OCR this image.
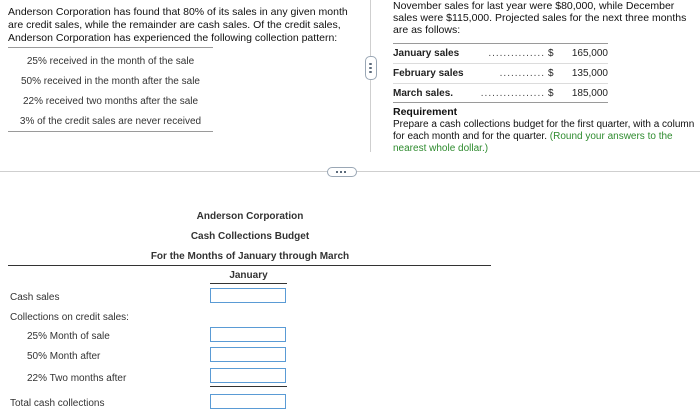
Anderson Corporation has found that 80% of its sales in any given month are credit sales, while the remainder are cash sales. Of the credit sales, Anderson Corporation has experienced the following collection pattern:
25% received in the month of the sale
50% received in the month after the sale
22% received two months after the sale
3% of the credit sales are never received
November sales for last year were $80,000, while December sales were $115,000. Projected sales for the next three months are as follows:
January sales	............... $ 165,000
February sales	............ $ 135,000
March sales.	................. $ 185,000
Requirement
Prepare a cash collections budget for the first quarter, with a column for each month and for the quarter. (Round your answers to the nearest whole dollar.)
Anderson Corporation
Cash Collections Budget
For the Months of January through March
January
Cash sales
Collections on credit sales:
25% Month of sale
50% Month after
22% Two months after
Total cash collections
